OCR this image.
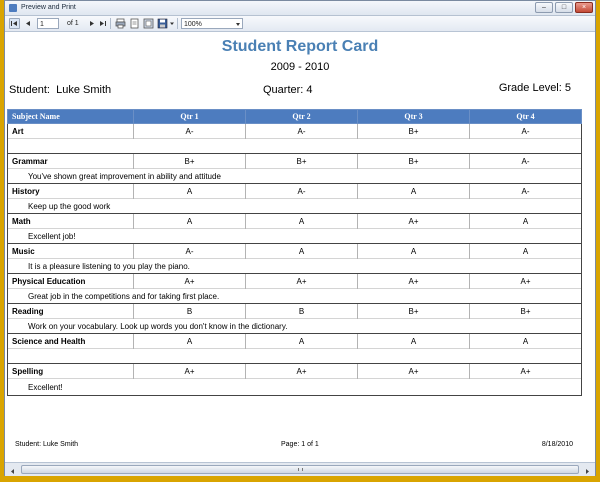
Preview and Print	–	□	×
1	of 1	100%
Student Report Card
2009 - 2010
Student: Luke Smith	Quarter: 4	Grade Level: 5
Subject Name	Qtr 1	Qtr 2	Qtr 3	Qtr 4
Art	A-	A-	B+	A-

Grammar	B+	B+	B+	A-
You've shown great improvement in ability and attitude				
History	A	A-	A	A-
Keep up the good work				
Math	A	A	A+	A
Excellent job!				
Music	A-	A	A	A
It is a pleasure listening to you play the piano.				
Physical Education	A+	A+	A+	A+
Great job in the competitions and for taking first place.				
Reading	B	B	B+	B+
Work on your vocabulary. Look up words you don't know in the dictionary.				
Science and Health	A	A	A	A

Spelling	A+	A+	A+	A+
Excellent!				
Student: Luke Smith	Page: 1 of 1	8/18/2010
